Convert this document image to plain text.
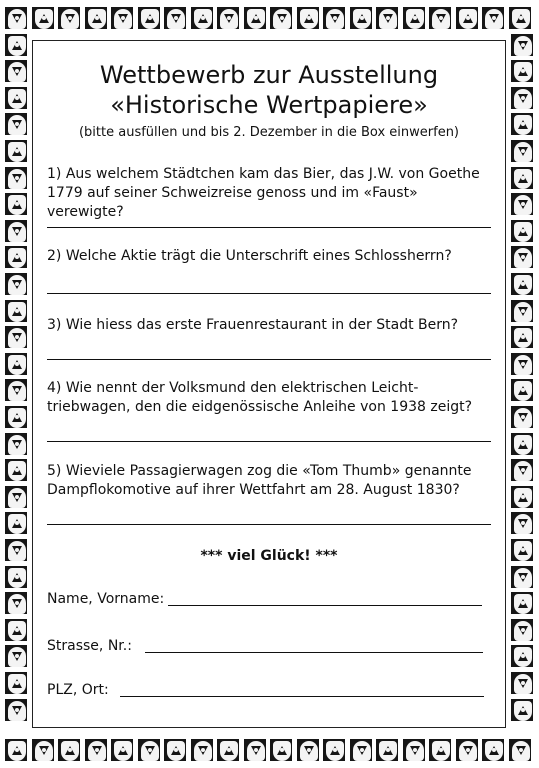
Wettbewerb zur Ausstellung
«Historische Wertpapiere»
(bitte ausfüllen und bis 2. Dezember in die Box einwerfen)
1) Aus welchem Städtchen kam das Bier, das J.W. von Goethe
1779 auf seiner Schweizreise genoss und im «Faust» verewigte?
2) Welche Aktie trägt die Unterschrift eines Schlossherrn?
3) Wie hiess das erste Frauenrestaurant in der Stadt Bern?
4) Wie nennt der Volksmund den elektrischen Leicht-
triebwagen, den die eidgenössische Anleihe von 1938 zeigt?
5) Wieviele Passagierwagen zog die «Tom Thumb» genannte
Dampflokomotive auf ihrer Wettfahrt am 28. August 1830?
*** viel Glück! ***
Name, Vorname:
Strasse, Nr.:
PLZ, Ort:
